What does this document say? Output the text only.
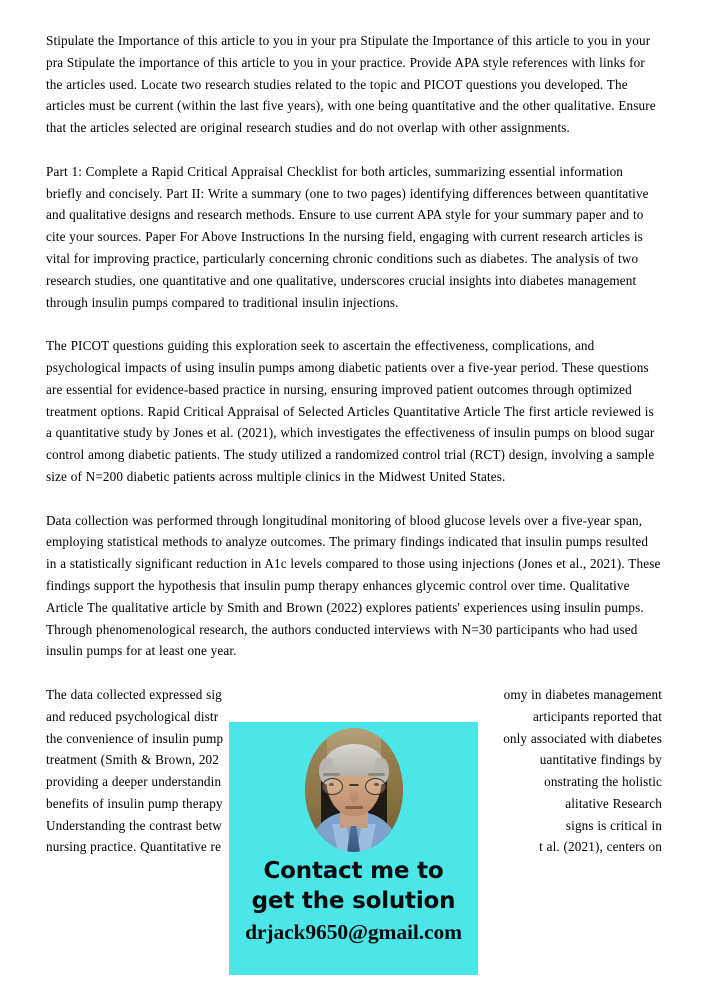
Stipulate the Importance of this article to you in your pra Stipulate the Importance of this article to you in your pra Stipulate the importance of this article to you in your practice. Provide APA style references with links for the articles used. Locate two research studies related to the topic and PICOT questions you developed. The articles must be current (within the last five years), with one being quantitative and the other qualitative. Ensure that the articles selected are original research studies and do not overlap with other assignments.

Part 1: Complete a Rapid Critical Appraisal Checklist for both articles, summarizing essential information briefly and concisely. Part II: Write a summary (one to two pages) identifying differences between quantitative and qualitative designs and research methods. Ensure to use current APA style for your summary paper and to cite your sources. Paper For Above Instructions In the nursing field, engaging with current research articles is vital for improving practice, particularly concerning chronic conditions such as diabetes. The analysis of two research studies, one quantitative and one qualitative, underscores crucial insights into diabetes management through insulin pumps compared to traditional insulin injections.

The PICOT questions guiding this exploration seek to ascertain the effectiveness, complications, and psychological impacts of using insulin pumps among diabetic patients over a five-year period. These questions are essential for evidence-based practice in nursing, ensuring improved patient outcomes through optimized treatment options. Rapid Critical Appraisal of Selected Articles Quantitative Article The first article reviewed is a quantitative study by Jones et al. (2021), which investigates the effectiveness of insulin pumps on blood sugar control among diabetic patients. The study utilized a randomized control trial (RCT) design, involving a sample size of N=200 diabetic patients across multiple clinics in the Midwest United States.

Data collection was performed through longitudinal monitoring of blood glucose levels over a five-year span, employing statistical methods to analyze outcomes. The primary findings indicated that insulin pumps resulted in a statistically significant reduction in A1c levels compared to those using injections (Jones et al., 2021). These findings support the hypothesis that insulin pump therapy enhances glycemic control over time. Qualitative Article The qualitative article by Smith and Brown (2022) explores patients' experiences using insulin pumps. Through phenomenological research, the authors conducted interviews with N=30 participants who had used insulin pumps for at least one year.

The data collected expressed sig	omy in diabetes management
and reduced psychological distr	articipants reported that
the convenience of insulin pump	only associated with diabetes
treatment (Smith & Brown, 202	uantitative findings by
providing a deeper understandin	onstrating the holistic
benefits of insulin pump therapy	alitative Research
Understanding the contrast betw	signs is critical in
nursing practice. Quantitative re	t al. (2021), centers on
Contact me to
get the solution
drjack9650@gmail.com
